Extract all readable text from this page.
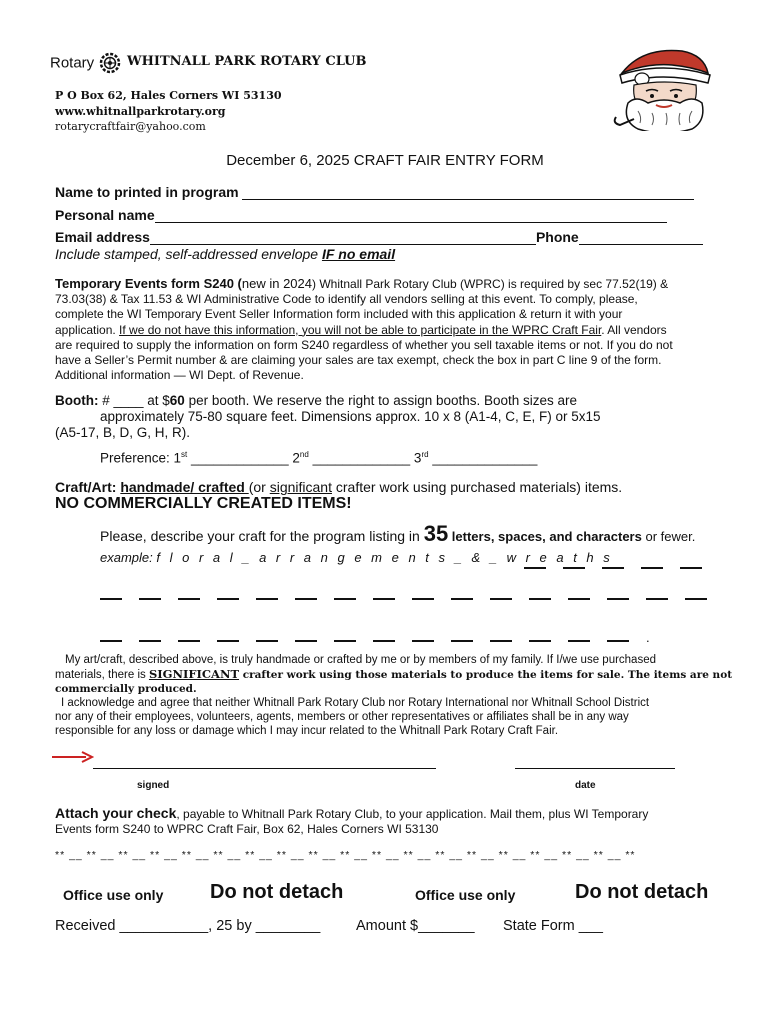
Rotary	WHITNALL PARK ROTARY CLUB
P O Box 62, Hales Corners WI 53130
www.whitnallparkrotary.org
rotarycraftfair@yahoo.com
December 6, 2025 CRAFT FAIR ENTRY FORM
Name to printed in program
Personal name
Email address	Phone
Include stamped, self-addressed envelope IF no email
Temporary Events form S240 (new in 2024) Whitnall Park Rotary Club (WPRC) is required by sec 77.52(19) &
73.03(38) & Tax 11.53 & WI Administrative Code to identify all vendors selling at this event. To comply, please,
complete the WI Temporary Event Seller Information form included with this application & return it with your
application. If we do not have this information, you will not be able to participate in the WPRC Craft Fair. All vendors
are required to supply the information on form S240 regardless of whether you sell taxable items or not. If you do not
have a Seller’s Permit number & are claiming your sales are tax exempt, check the box in part C line 9 of the form.
Additional information — WI Dept. of Revenue.
Booth: # ____ at $60 per booth. We reserve the right to assign booths. Booth sizes are
approximately 75-80 square feet. Dimensions approx. 10 x 8 (A1-4, C, E, F) or 5x15
(A5-17, B, D, G, H, R).
Preference: 1st _____________ 2nd _____________ 3rd ______________
Craft/Art: handmade/ crafted (or significant crafter work using purchased materials) items.
NO COMMERCIALLY CREATED ITEMS!
Please, describe your craft for the program listing in 35 letters, spaces, and characters or fewer.
example: f l o r a l _ a r r a n g e m e n t s _ & _ w r e a t h s
.
My art/craft, described above, is truly handmade or crafted by me or by members of my family. If I/we use purchased
materials, there is SIGNIFICANT crafter work using those materials to produce the items for sale. The items are not
commercially produced.
I acknowledge and agree that neither Whitnall Park Rotary Club nor Rotary International nor Whitnall School District
nor any of their employees, volunteers, agents, members or other representatives or affiliates shall be in any way
responsible for any loss or damage which I may incur related to the Whitnall Park Rotary Craft Fair.
signed	date
Attach your check, payable to Whitnall Park Rotary Club, to your application. Mail them, plus WI Temporary
Events form S240 to WPRC Craft Fair, Box 62, Hales Corners WI 53130
** __ ** __ ** __ ** __ ** __ ** __ ** __ ** __ ** __ ** __ ** __ ** __ ** __ ** __ ** __ ** __ ** __ ** __ **
Office use only Do not detach	Office use only	Do not detach
Received ___________, 25 by ________ Amount $_______ State Form ___
